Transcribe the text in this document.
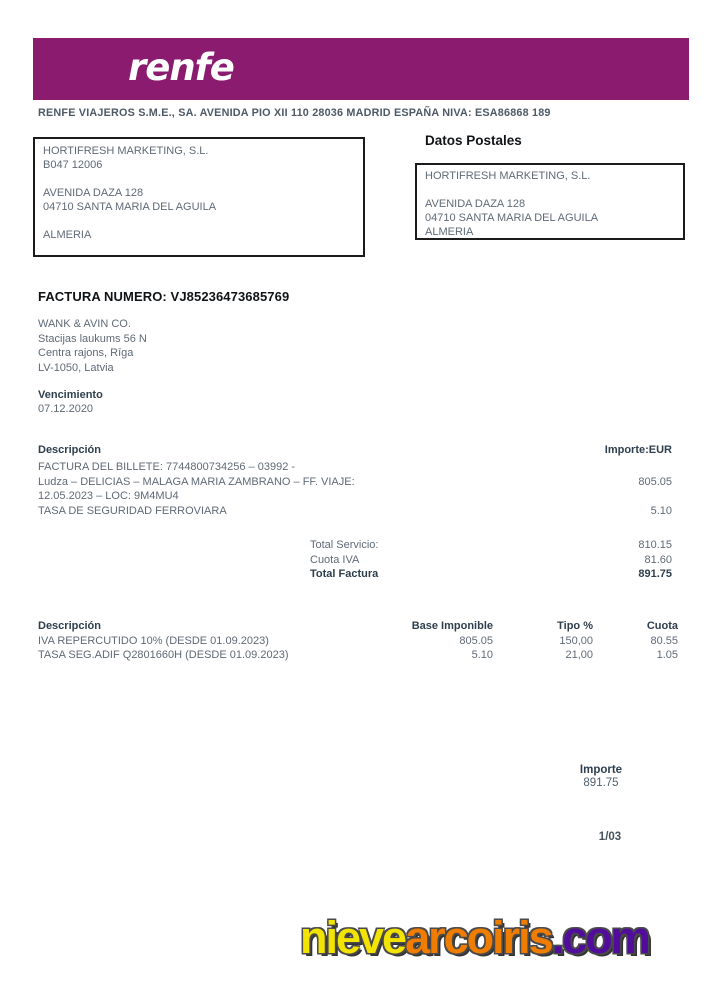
renfe
RENFE VIAJEROS S.M.E., SA. AVENIDA PIO XII 110 28036 MADRID ESPAÑA NIVA: ESA86868 189
HORTIFRESH MARKETING, S.L.
B047 12006
AVENIDA DAZA 128
04710 SANTA MARIA DEL AGUILA
ALMERIA
Datos Postales
HORTIFRESH MARKETING, S.L.
AVENIDA DAZA 128
04710 SANTA MARIA DEL AGUILA
ALMERIA
FACTURA NUMERO: VJ85236473685769
WANK & AVIN CO.
Stacijas laukums 56 N
Centra rajons, Rīga
LV-1050, Latvia
Vencimiento
07.12.2020
Descripción	Importe:EUR
FACTURA DEL BILLETE: 7744800734256 – 03992 -
Ludza – DELICIAS – MALAGA MARIA ZAMBRANO – FF. VIAJE:	805.05
12.05.2023 – LOC: 9M4MU4
TASA DE SEGURIDAD FERROVIARA	5.10
Total Servicio:	810.15
Cuota IVA	81.60
Total Factura	891.75
Descripción	Base Imponible	Tipo %	Cuota
IVA REPERCUTIDO 10% (DESDE 01.09.2023)	805.05	150,00	80.55
TASA SEG.ADIF Q2801660H (DESDE 01.09.2023)	5.10	21,00	1.05
Importe
891.75
1/03
nievearcoiris.com
